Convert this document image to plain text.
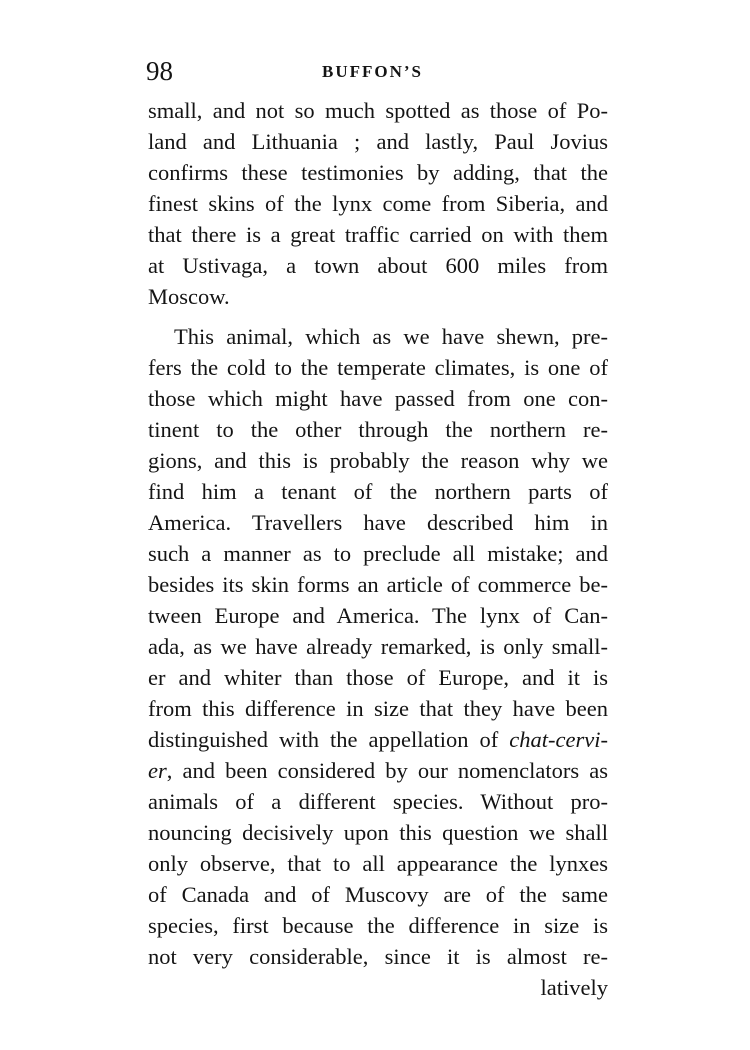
98	BUFFON’S
small, and not so much spotted as those of Po-
land and Lithuania ; and lastly, Paul Jovius
confirms these testimonies by adding, that the
finest skins of the lynx come from Siberia, and
that there is a great traffic carried on with them
at Ustivaga, a town about 600 miles from
Moscow.
This animal, which as we have shewn, pre-
fers the cold to the temperate climates, is one of
those which might have passed from one con-
tinent to the other through the northern re-
gions, and this is probably the reason why we
find him a tenant of the northern parts of
America. Travellers have described him in
such a manner as to preclude all mistake; and
besides its skin forms an article of commerce be-
tween Europe and America. The lynx of Can-
ada, as we have already remarked, is only small-
er and whiter than those of Europe, and it is
from this difference in size that they have been
distinguished with the appellation of chat-cervi-
er, and been considered by our nomenclators as
animals of a different species. Without pro-
nouncing decisively upon this question we shall
only observe, that to all appearance the lynxes
of Canada and of Muscovy are of the same
species, first because the difference in size is
not very considerable, since it is almost re-
latively
